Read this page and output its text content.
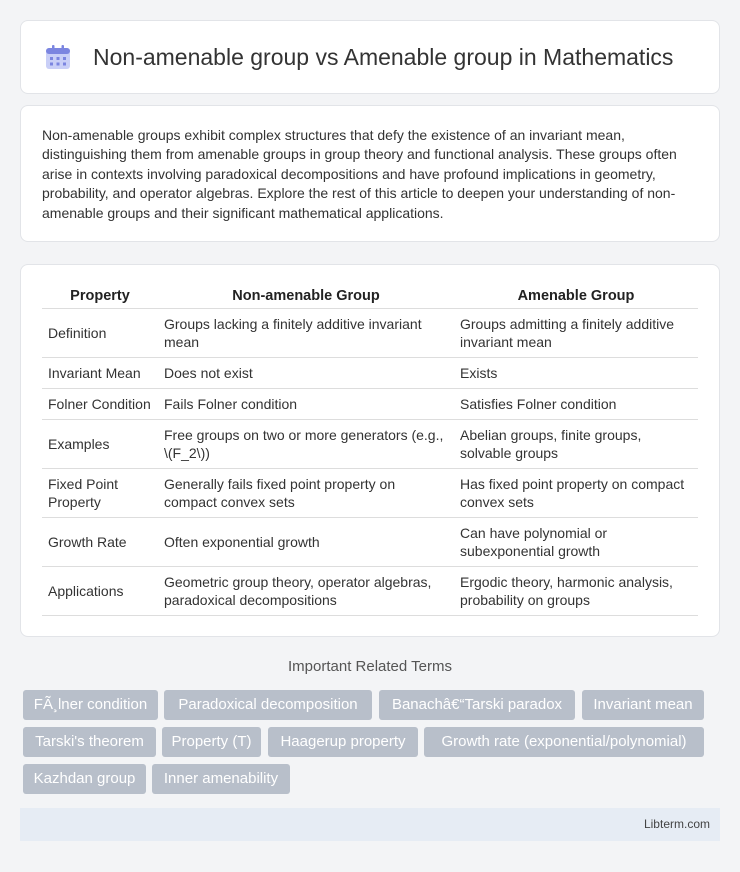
Non-amenable group vs Amenable group in Mathematics

Non-amenable groups exhibit complex structures that defy the existence of an invariant mean, distinguishing them from amenable groups in group theory and functional analysis. These groups often arise in contexts involving paradoxical decompositions and have profound implications in geometry, probability, and operator algebras. Explore the rest of this article to deepen your understanding of non-amenable groups and their significant mathematical applications.

Property	Non-amenable Group	Amenable Group
Definition	Groups lacking a finitely additive invariant mean	Groups admitting a finitely additive invariant mean
Invariant Mean	Does not exist	Exists
Folner Condition	Fails Folner condition	Satisfies Folner condition
Examples	Free groups on two or more generators (e.g., \(F_2\))	Abelian groups, finite groups, solvable groups
Fixed Point Property	Generally fails fixed point property on compact convex sets	Has fixed point property on compact convex sets
Growth Rate	Often exponential growth	Can have polynomial or subexponential growth
Applications	Geometric group theory, operator algebras, paradoxical decompositions	Ergodic theory, harmonic analysis, probability on groups
Important Related Terms
FÃ¸lner condition	Paradoxical decomposition	Banachâ€“Tarski paradox	Invariant mean
Tarski's theorem	Property (T)	Haagerup property	Growth rate (exponential/polynomial)
Kazhdan group	Inner amenability
Libterm.com
